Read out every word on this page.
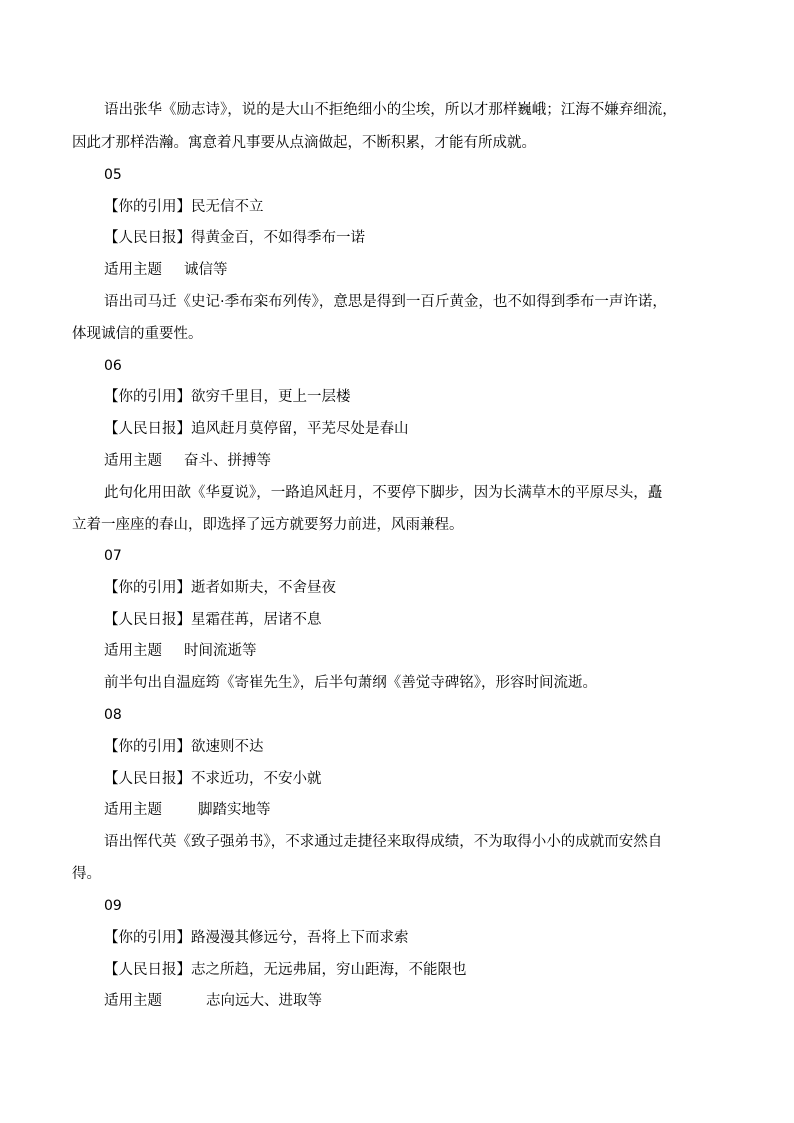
语出张华《励志诗》，说的是大山不拒绝细小的尘埃，所以才那样巍峨；江海不嫌弃细流，
因此才那样浩瀚。寓意着凡事要从点滴做起，不断积累，才能有所成就。
05
【你的引用】民无信不立
【人民日报】得黄金百，不如得季布一诺
适用主题 诚信等
语出司马迁《史记·季布栾布列传》，意思是得到一百斤黄金，也不如得到季布一声许诺，
体现诚信的重要性。
06
【你的引用】欲穷千里目，更上一层楼
【人民日报】追风赶月莫停留，平芜尽处是春山
适用主题 奋斗、拼搏等
此句化用田歆《华夏说》，一路追风赶月，不要停下脚步，因为长满草木的平原尽头，矗
立着一座座的春山，即选择了远方就要努力前进，风雨兼程。
07
【你的引用】逝者如斯夫，不舍昼夜
【人民日报】星霜荏苒，居诸不息
适用主题 时间流逝等
前半句出自温庭筠《寄崔先生》，后半句萧纲《善觉寺碑铭》，形容时间流逝。
08
【你的引用】欲速则不达
【人民日报】不求近功，不安小就
适用主题 脚踏实地等
语出恽代英《致子强弟书》，不求通过走捷径来取得成绩，不为取得小小的成就而安然自
得。
09
【你的引用】路漫漫其修远兮，吾将上下而求索
【人民日报】志之所趋，无远弗届，穷山距海，不能限也
适用主题	志向远大、进取等
